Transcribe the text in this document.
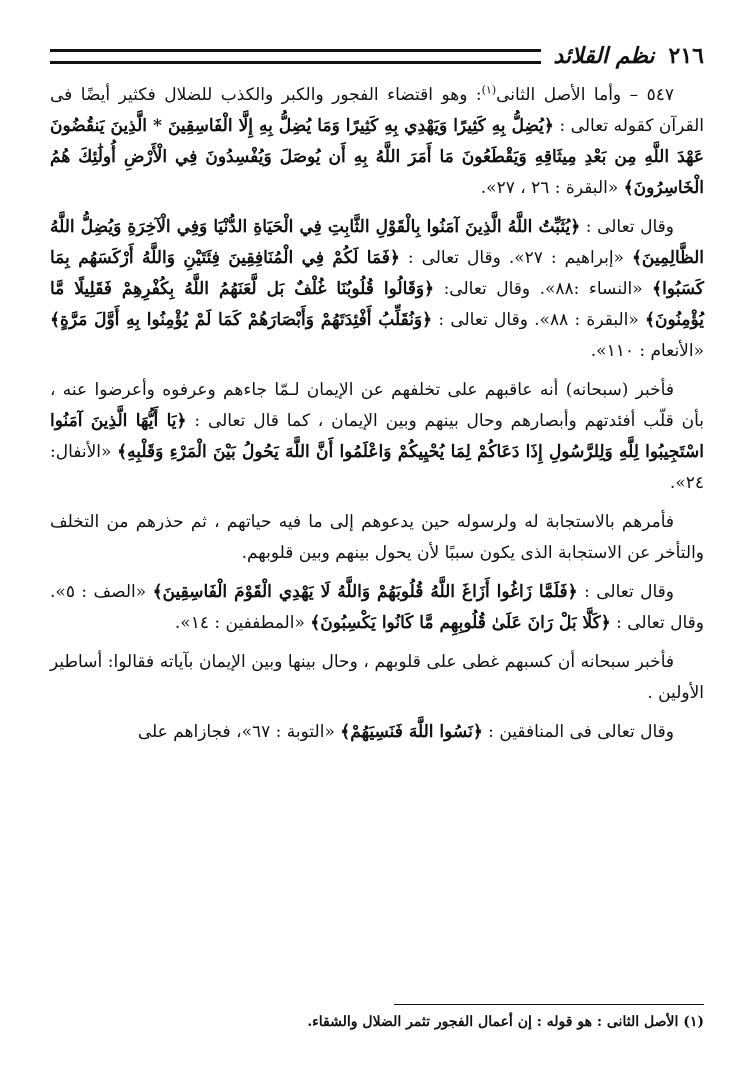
٢١٦
نظم القلائد

٥٤٧ – وأما الأصل الثانى$^{(١)}$: وهو اقتضاء الفجور والكبر والكذب للضلال فكثير أيضًا فى القرآن كقوله تعالى : ﴿يُضِلُّ بِهِ كَثِيرًا وَيَهْدِي بِهِ كَثِيرًا وَمَا يُضِلُّ بِهِ إِلَّا الْفَاسِقِينَ * الَّذِينَ يَنقُضُونَ عَهْدَ اللَّهِ مِن بَعْدِ مِيثَاقِهِ وَيَقْطَعُونَ مَا أَمَرَ اللَّهُ بِهِ أَن يُوصَلَ وَيُفْسِدُونَ فِي الْأَرْضِ أُولَٰئِكَ هُمُ الْخَاسِرُونَ﴾ «البقرة : ٢٦ ، ٢٧».

وقال تعالى : ﴿يُثَبِّتُ اللَّهُ الَّذِينَ آمَنُوا بِالْقَوْلِ الثَّابِتِ فِي الْحَيَاةِ الدُّنْيَا وَفِي الْآخِرَةِ وَيُضِلُّ اللَّهُ الظَّالِمِينَ﴾ «إبراهيم : ٢٧». وقال تعالى : ﴿فَمَا لَكُمْ فِي الْمُنَافِقِينَ فِئَتَيْنِ وَاللَّهُ أَرْكَسَهُم بِمَا كَسَبُوا﴾ «النساء :٨٨». وقال تعالى: ﴿وَقَالُوا قُلُوبُنَا غُلْفٌ بَل لَّعَنَهُمُ اللَّهُ بِكُفْرِهِمْ فَقَلِيلًا مَّا يُؤْمِنُونَ﴾ «البقرة : ٨٨». وقال تعالى : ﴿وَنُقَلِّبُ أَفْئِدَتَهُمْ وَأَبْصَارَهُمْ كَمَا لَمْ يُؤْمِنُوا بِهِ أَوَّلَ مَرَّةٍ﴾ «الأنعام : ١١٠».

فأخبر (سبحانه) أنه عاقبهم على تخلفهم عن الإيمان لـمّا جاءهم وعرفوه وأعرضوا عنه ، بأن قلّب أفئدتهم وأبصارهم وحال بينهم وبين الإيمان ، كما قال تعالى : ﴿يَا أَيُّهَا الَّذِينَ آمَنُوا اسْتَجِيبُوا لِلَّهِ وَلِلرَّسُولِ إِذَا دَعَاكُمْ لِمَا يُحْيِيكُمْ وَاعْلَمُوا أَنَّ اللَّهَ يَحُولُ بَيْنَ الْمَرْءِ وَقَلْبِهِ﴾ «الأنفال: ٢٤».

فأمرهم بالاستجابة له ولرسوله حين يدعوهم إلى ما فيه حياتهم ، ثم حذرهم من التخلف والتأخر عن الاستجابة الذى يكون سببًا لأن يحول بينهم وبين قلوبهم.

وقال تعالى : ﴿فَلَمَّا زَاغُوا أَزَاغَ اللَّهُ قُلُوبَهُمْ وَاللَّهُ لَا يَهْدِي الْقَوْمَ الْفَاسِقِينَ﴾ «الصف : ٥». وقال تعالى : ﴿كَلَّا بَلْ رَانَ عَلَىٰ قُلُوبِهِم مَّا كَانُوا يَكْسِبُونَ﴾ «المطففين : ١٤».

فأخبر سبحانه أن كسبهم غطى على قلوبهم ، وحال بينها وبين الإيمان بآياته فقالوا: أساطير الأولين .

وقال تعالى فى المنافقين : ﴿نَسُوا اللَّهَ فَنَسِيَهُمْ﴾ «التوبة : ٦٧»، فجازاهم على

(١) الأصل الثانى : هو قوله : إن أعمال الفجور تثمر الضلال والشقاء.
